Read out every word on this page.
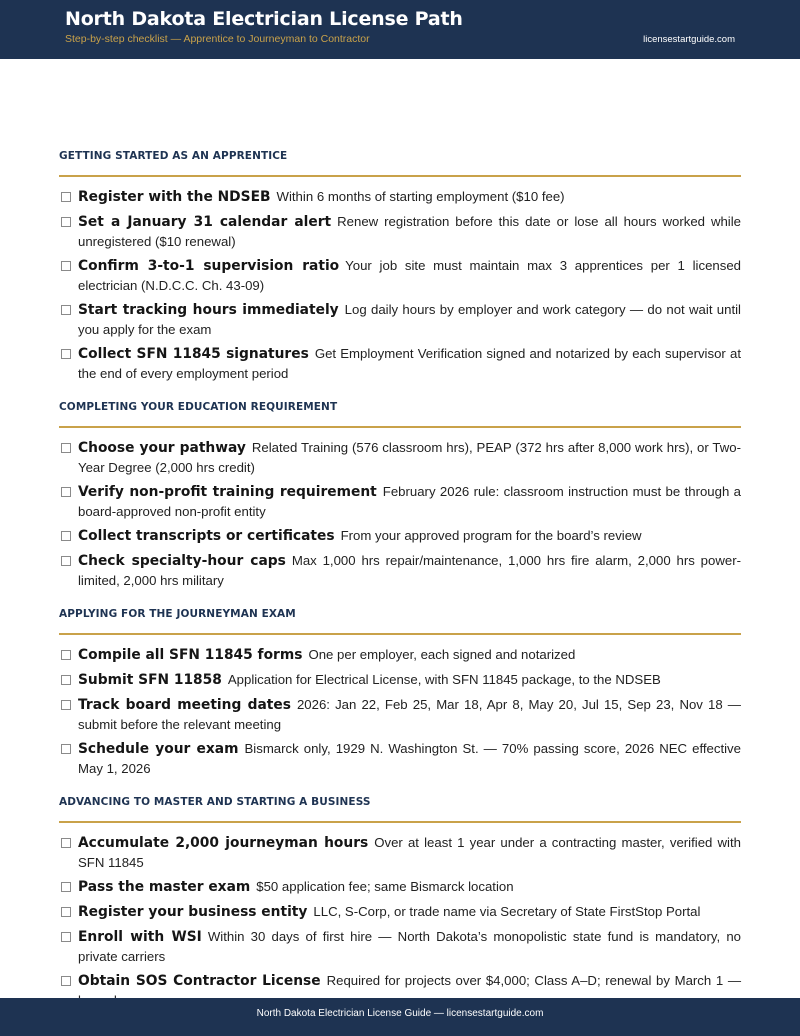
North Dakota Electrician License Path
Step-by-step checklist — Apprentice to Journeyman to Contractor	licensestartguide.com
GETTING STARTED AS AN APPRENTICE
Register with the NDSEB Within 6 months of starting employment ($10 fee)
Set a January 31 calendar alert Renew registration before this date or lose all hours worked while unregistered ($10 renewal)
Confirm 3-to-1 supervision ratio Your job site must maintain max 3 apprentices per 1 licensed electrician (N.D.C.C. Ch. 43-09)
Start tracking hours immediately Log daily hours by employer and work category — do not wait until you apply for the exam
Collect SFN 11845 signatures Get Employment Verification signed and notarized by each supervisor at the end of every employment period
COMPLETING YOUR EDUCATION REQUIREMENT
Choose your pathway Related Training (576 classroom hrs), PEAP (372 hrs after 8,000 work hrs), or Two-Year Degree (2,000 hrs credit)
Verify non-profit training requirement February 2026 rule: classroom instruction must be through a board-approved non-profit entity
Collect transcripts or certificates From your approved program for the board’s review
Check specialty-hour caps Max 1,000 hrs repair/maintenance, 1,000 hrs fire alarm, 2,000 hrs power-limited, 2,000 hrs military
APPLYING FOR THE JOURNEYMAN EXAM
Compile all SFN 11845 forms One per employer, each signed and notarized
Submit SFN 11858 Application for Electrical License, with SFN 11845 package, to the NDSEB
Track board meeting dates 2026: Jan 22, Feb 25, Mar 18, Apr 8, May 20, Jul 15, Sep 23, Nov 18 — submit before the relevant meeting
Schedule your exam Bismarck only, 1929 N. Washington St. — 70% passing score, 2026 NEC effective May 1, 2026
ADVANCING TO MASTER AND STARTING A BUSINESS
Accumulate 2,000 journeyman hours Over at least 1 year under a contracting master, verified with SFN 11845
Pass the master exam $50 application fee; same Bismarck location
Register your business entity LLC, S-Corp, or trade name via Secretary of State FirstStop Portal
Enroll with WSI Within 30 days of first hire — North Dakota’s monopolistic state fund is mandatory, no private carriers
Obtain SOS Contractor License Required for projects over $4,000; Class A–D; renewal by March 1 —
North Dakota Electrician License Guide — licensestartguide.com
